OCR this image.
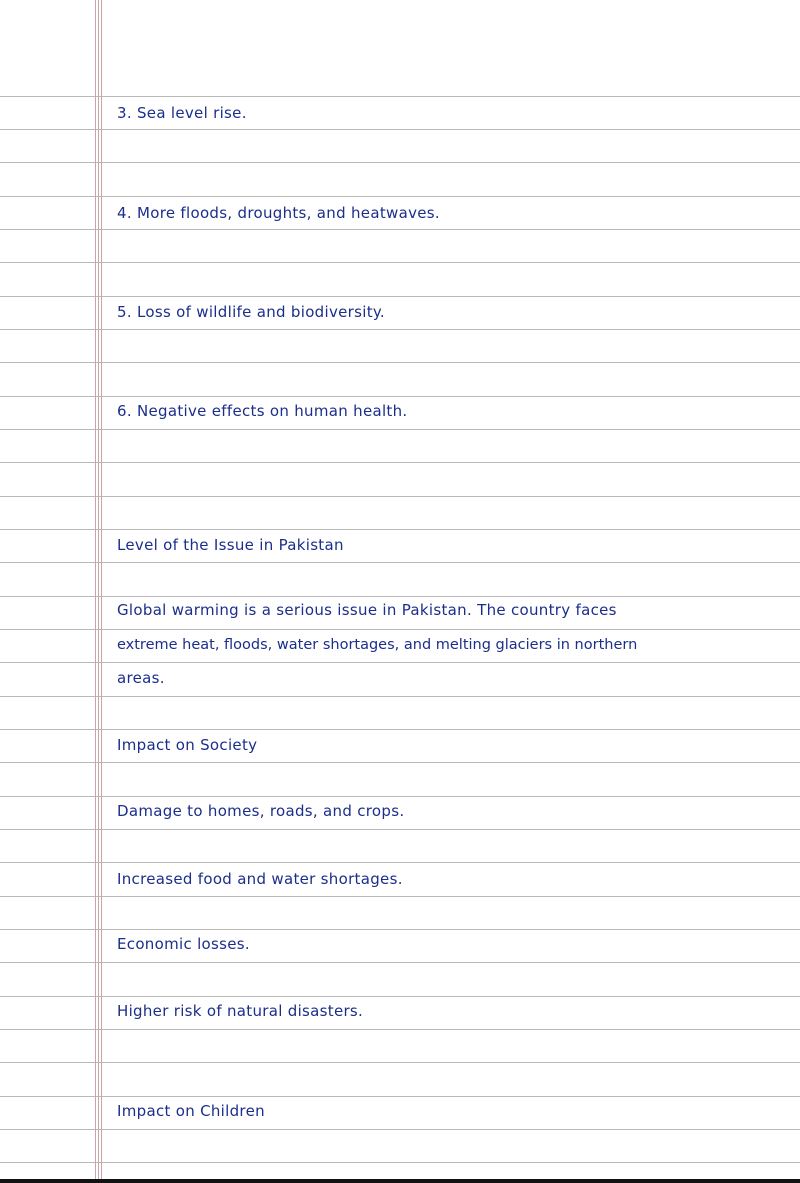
3. Sea level rise.

4. More floods, droughts, and heatwaves.

5. Loss of wildlife and biodiversity.

6. Negative effects on human health.

Level of the Issue in Pakistan

Global warming is a serious issue in Pakistan. The country faces

extreme heat, floods, water shortages, and melting glaciers in northern

areas.

Impact on Society

Damage to homes, roads, and crops.

Increased food and water shortages.

Economic losses.

Higher risk of natural disasters.

Impact on Children
